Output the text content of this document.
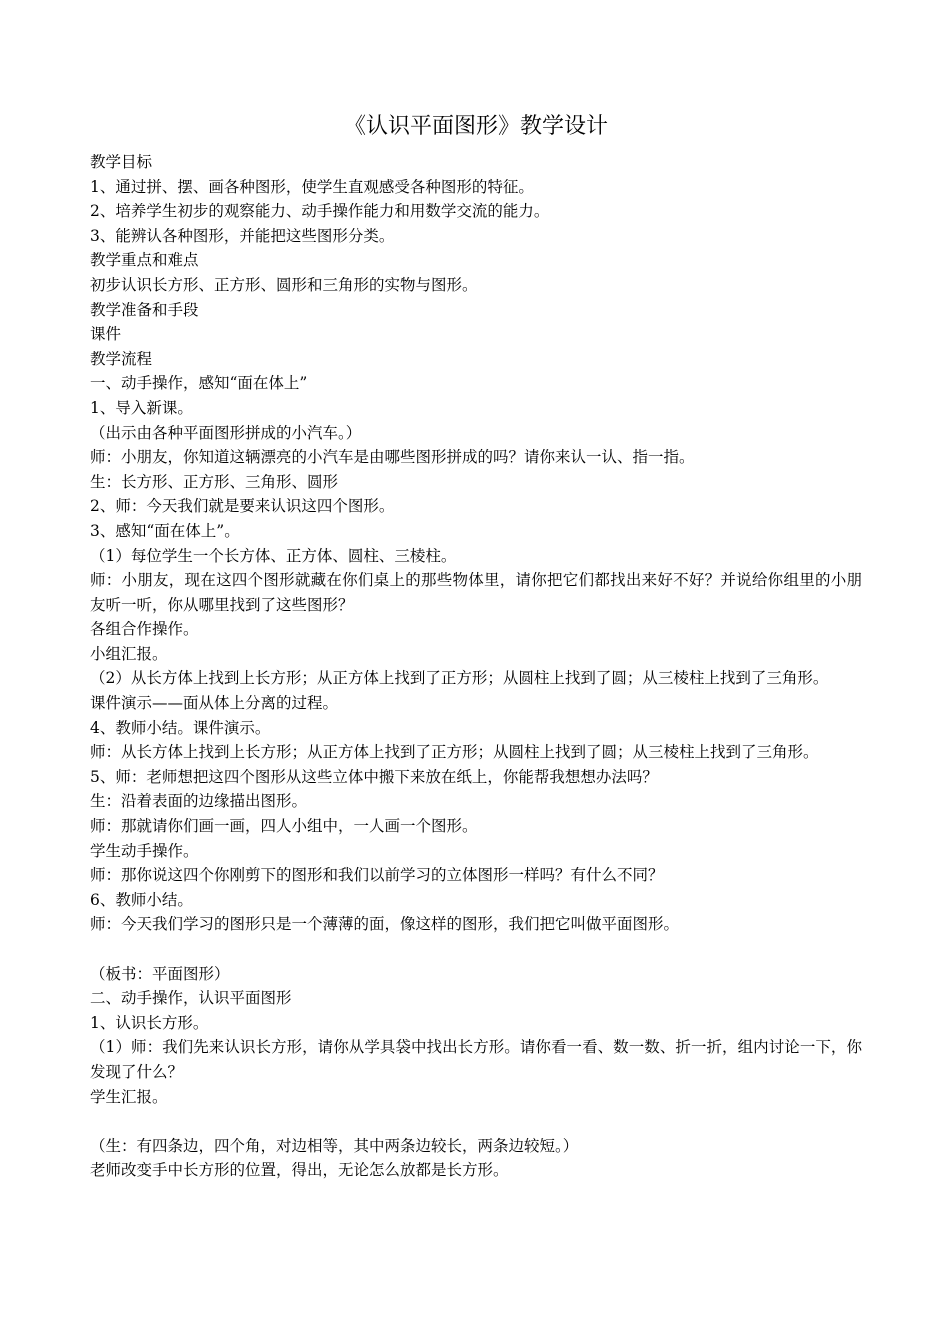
《认识平面图形》教学设计
教学目标
1、通过拼、摆、画各种图形，使学生直观感受各种图形的特征。
2、培养学生初步的观察能力、动手操作能力和用数学交流的能力。
3、能辨认各种图形，并能把这些图形分类。
教学重点和难点
初步认识长方形、正方形、圆形和三角形的实物与图形。
教学准备和手段
课件
教学流程
一、动手操作，感知“面在体上”
1、导入新课。
（出示由各种平面图形拼成的小汽车。）
师：小朋友，你知道这辆漂亮的小汽车是由哪些图形拼成的吗？请你来认一认、指一指。
生：长方形、正方形、三角形、圆形
2、师：今天我们就是要来认识这四个图形。
3、感知“面在体上”。
（1）每位学生一个长方体、正方体、圆柱、三棱柱。
师：小朋友，现在这四个图形就藏在你们桌上的那些物体里，请你把它们都找出来好不好？并说给你组里的小朋友听一听，你从哪里找到了这些图形？
各组合作操作。
小组汇报。
（2）从长方体上找到上长方形；从正方体上找到了正方形；从圆柱上找到了圆；从三棱柱上找到了三角形。
课件演示——面从体上分离的过程。
4、教师小结。课件演示。
师：从长方体上找到上长方形；从正方体上找到了正方形；从圆柱上找到了圆；从三棱柱上找到了三角形。
5、师：老师想把这四个图形从这些立体中搬下来放在纸上，你能帮我想想办法吗？
生：沿着表面的边缘描出图形。
师：那就请你们画一画，四人小组中，一人画一个图形。
学生动手操作。
师：那你说这四个你刚剪下的图形和我们以前学习的立体图形一样吗？有什么不同？
6、教师小结。
师：今天我们学习的图形只是一个薄薄的面，像这样的图形，我们把它叫做平面图形。
（板书：平面图形）
二、动手操作，认识平面图形
1、认识长方形。
（1）师：我们先来认识长方形，请你从学具袋中找出长方形。请你看一看、数一数、折一折，组内讨论一下，你发现了什么？
学生汇报。
（生：有四条边，四个角，对边相等，其中两条边较长，两条边较短。）
老师改变手中长方形的位置，得出，无论怎么放都是长方形。
